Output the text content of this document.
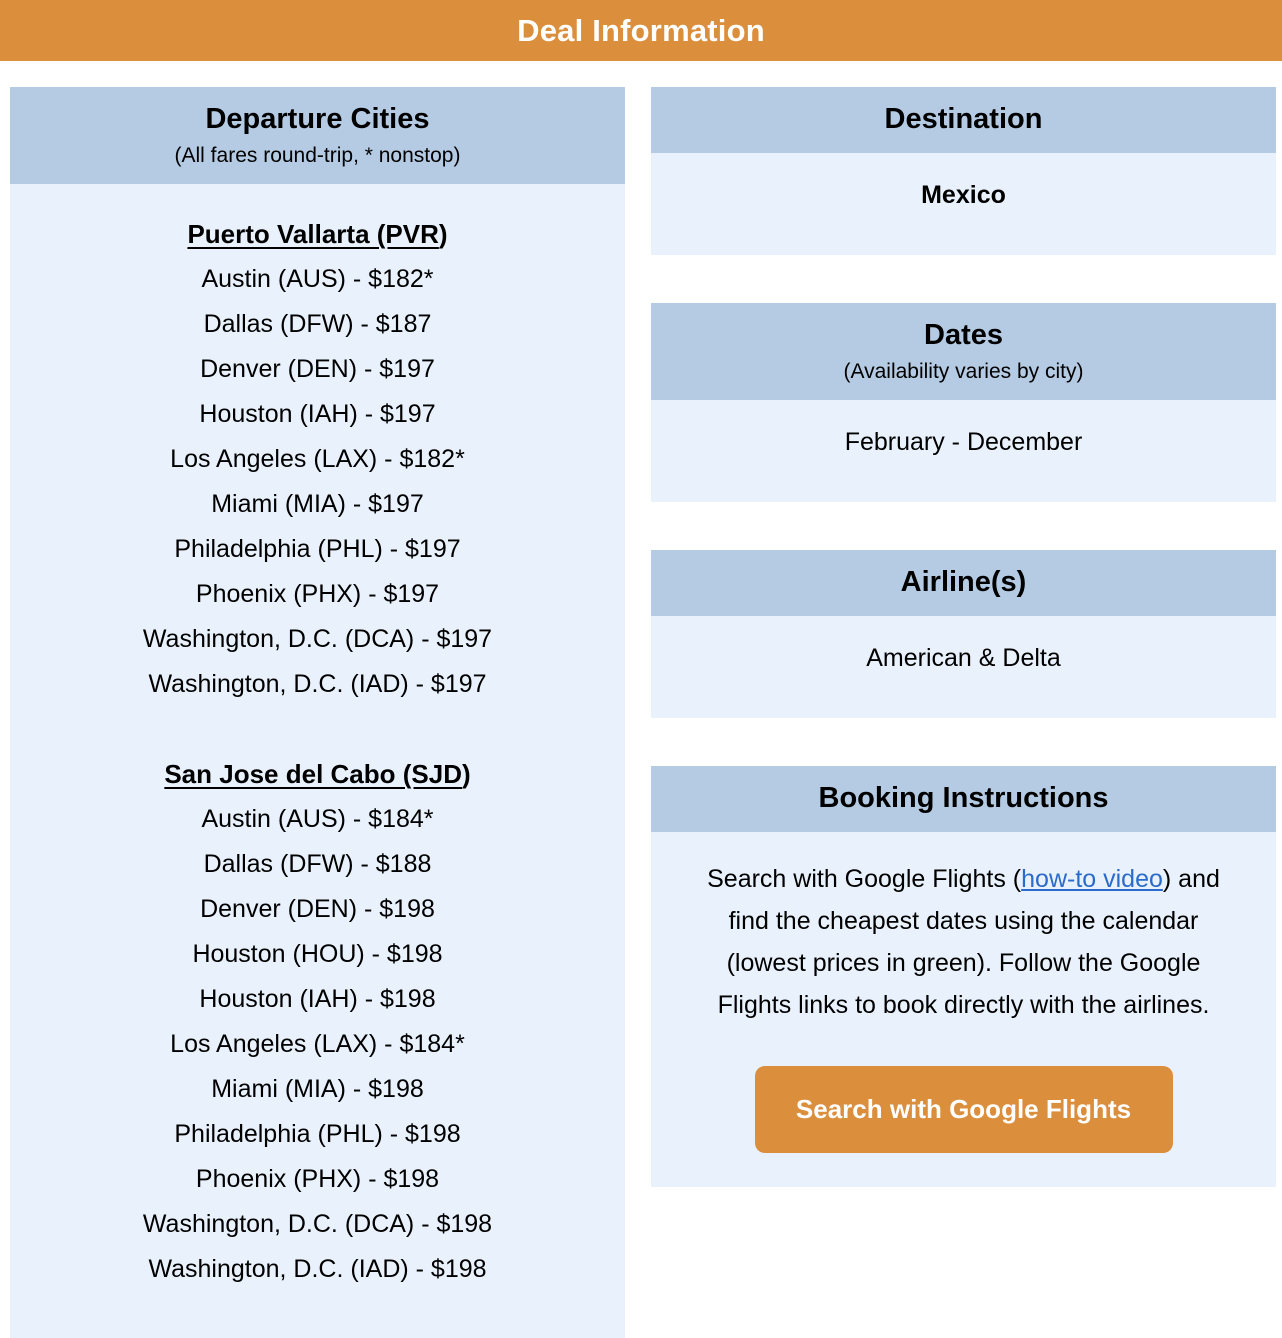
Deal Information
Departure Cities
(All fares round-trip, * nonstop)
Puerto Vallarta (PVR)
Austin (AUS) - $182*
Dallas (DFW) - $187
Denver (DEN) - $197
Houston (IAH) - $197
Los Angeles (LAX) - $182*
Miami (MIA) - $197
Philadelphia (PHL) - $197
Phoenix (PHX) - $197
Washington, D.C. (DCA) - $197
Washington, D.C. (IAD) - $197
San Jose del Cabo (SJD)
Austin (AUS) - $184*
Dallas (DFW) - $188
Denver (DEN) - $198
Houston (HOU) - $198
Houston (IAH) - $198
Los Angeles (LAX) - $184*
Miami (MIA) - $198
Philadelphia (PHL) - $198
Phoenix (PHX) - $198
Washington, D.C. (DCA) - $198
Washington, D.C. (IAD) - $198
Destination
Mexico
Dates
(Availability varies by city)
February - December
Airline(s)
American & Delta
Booking Instructions

Search with Google Flights (how-to video) and find the cheapest dates using the calendar (lowest prices in green). Follow the Google Flights links to book directly with the airlines.

Search with Google Flights
